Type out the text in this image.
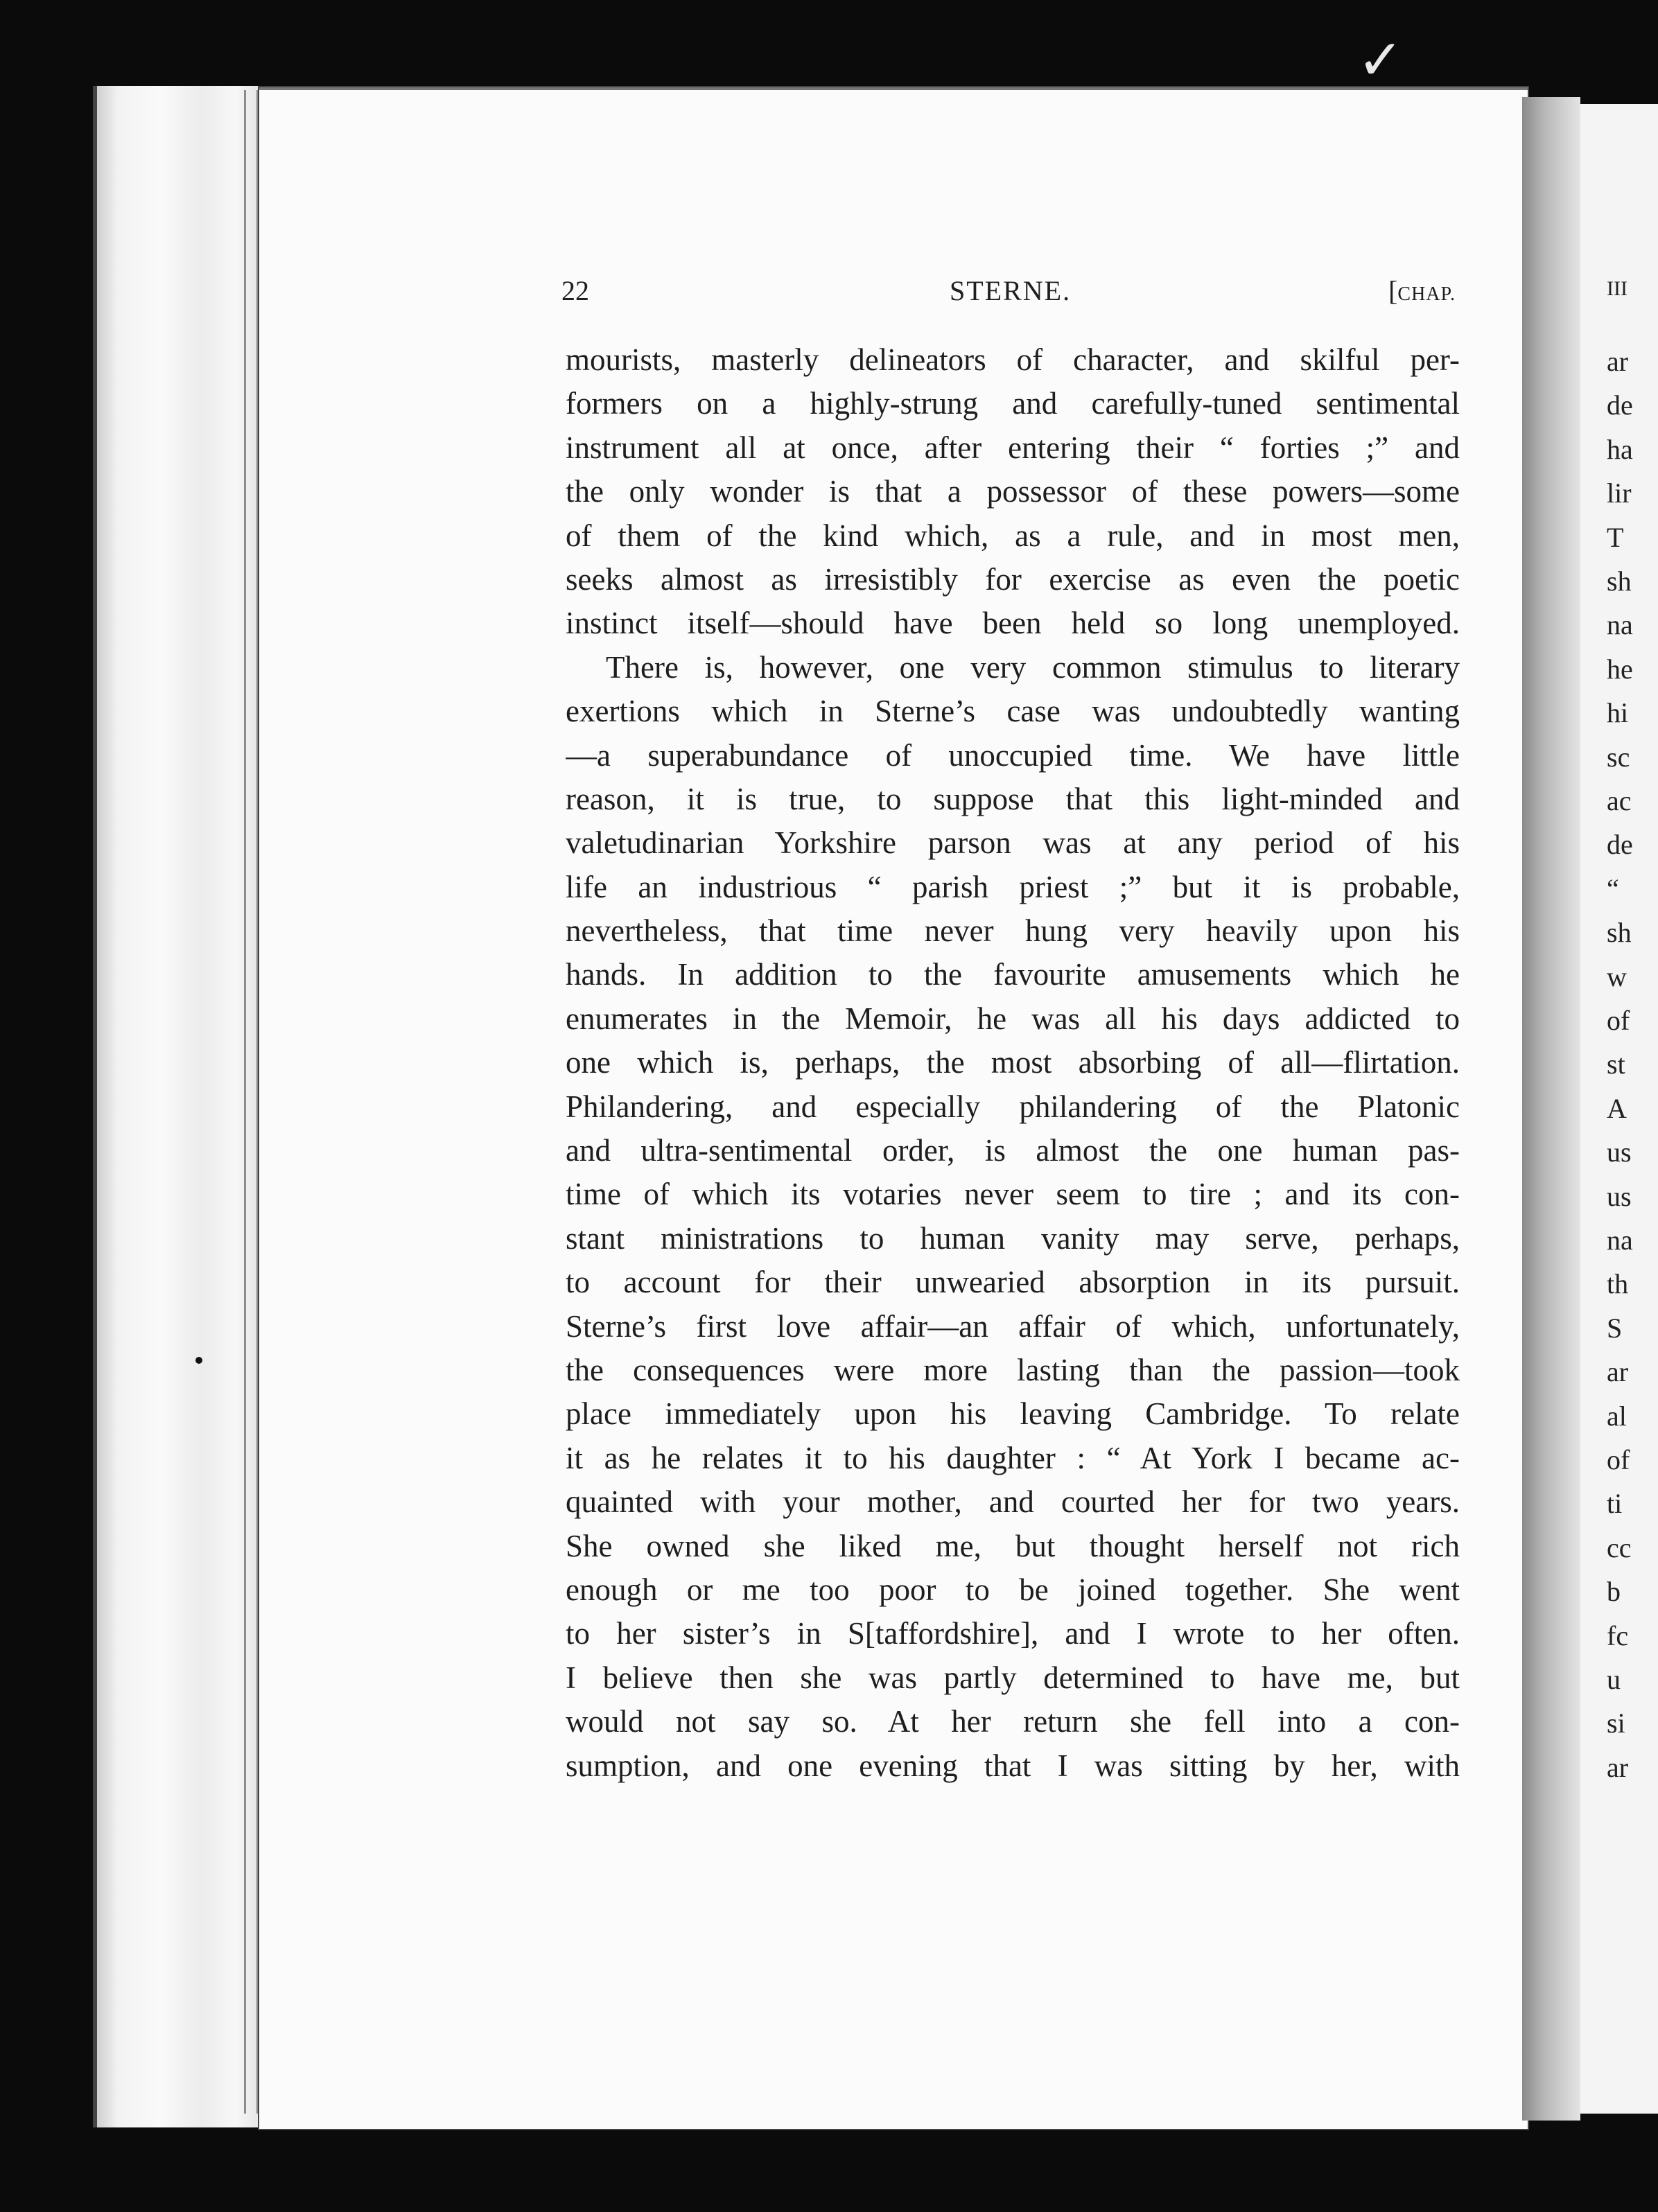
III
ar
de
ha
lir
T
sh
na
he
hi
sc
ac
de
“
sh
w
of
st
A
us
us
na
th
S
ar
al
of
ti
cc
b
fc
u
si
ar
✓
22	STERNE.	[CHAP.
mourists, masterly delineators of character, and skilful per-
formers on a highly-strung and carefully-tuned sentimental
instrument all at once, after entering their “ forties ;” and
the only wonder is that a possessor of these powers—some
of them of the kind which, as a rule, and in most men,
seeks almost as irresistibly for exercise as even the poetic
instinct itself—should have been held so long unemployed.
There is, however, one very common stimulus to literary
exertions which in Sterne’s case was undoubtedly wanting
—a superabundance of unoccupied time. We have little
reason, it is true, to suppose that this light-minded and
valetudinarian Yorkshire parson was at any period of his
life an industrious “ parish priest ;” but it is probable,
nevertheless, that time never hung very heavily upon his
hands. In addition to the favourite amusements which he
enumerates in the Memoir, he was all his days addicted to
one which is, perhaps, the most absorbing of all—flirtation.
Philandering, and especially philandering of the Platonic
and ultra-sentimental order, is almost the one human pas-
time of which its votaries never seem to tire ; and its con-
stant ministrations to human vanity may serve, perhaps,
to account for their unwearied absorption in its pursuit.
Sterne’s first love affair—an affair of which, unfortunately,
the consequences were more lasting than the passion—took
place immediately upon his leaving Cambridge. To relate
it as he relates it to his daughter : “ At York I became ac-
quainted with your mother, and courted her for two years.
She owned she liked me, but thought herself not rich
enough or me too poor to be joined together. She went
to her sister’s in S[taffordshire], and I wrote to her often.
I believe then she was partly determined to have me, but
would not say so. At her return she fell into a con-
sumption, and one evening that I was sitting by her, with
